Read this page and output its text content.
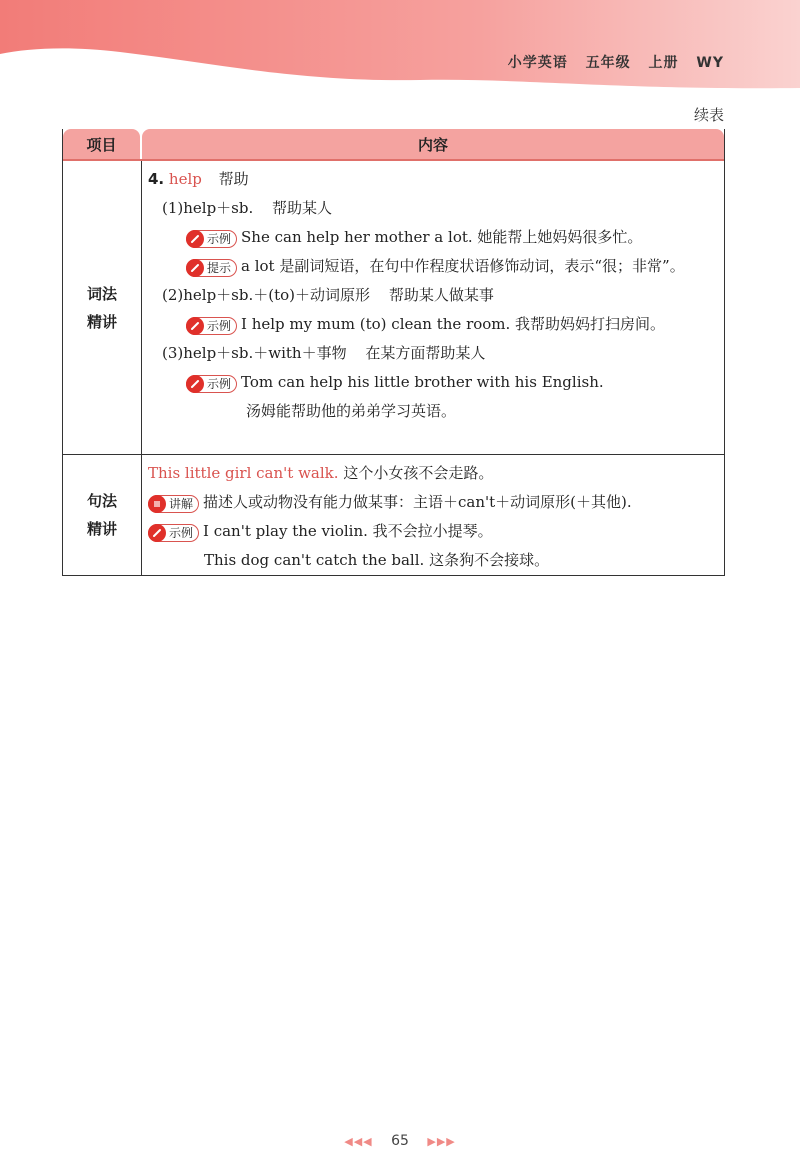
小学英语 五年级 上册 WY
续表
项目	内容
词法
精讲
4. help 帮助
(1)help＋sb. 帮助某人
示例 She can help her mother a lot. 她能帮上她妈妈很多忙。
提示 a lot 是副词短语，在句中作程度状语修饰动词，表示“很；非常”。
(2)help＋sb.＋(to)＋动词原形 帮助某人做某事
示例 I help my mum (to) clean the room. 我帮助妈妈打扫房间。
(3)help＋sb.＋with＋事物 在某方面帮助某人
示例 Tom can help his little brother with his English.
汤姆能帮助他的弟弟学习英语。
句法
精讲
This little girl can't walk. 这个小女孩不会走路。
讲解 描述人或动物没有能力做某事：主语＋can't＋动词原形(＋其他).
示例 I can't play the violin. 我不会拉小提琴。
This dog can't catch the ball. 这条狗不会接球。
◀◀◀ 65 ▶▶▶
